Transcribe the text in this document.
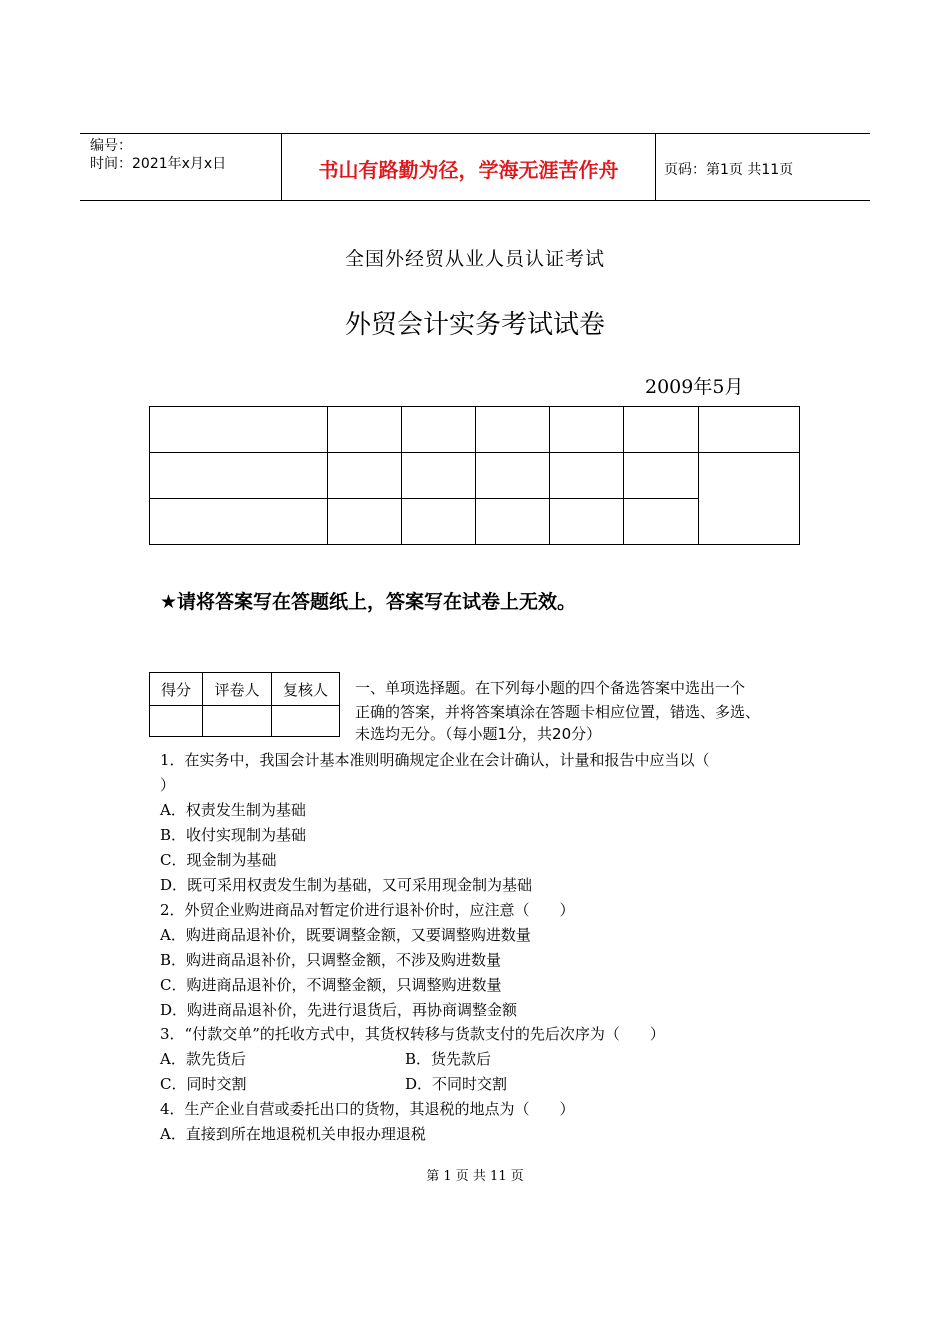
编号：
时间：2021年x月x日	书山有路勤为径，学海无涯苦作舟	页码：第1页 共11页
全国外经贸从业人员认证考试
外贸会计实务考试试卷
2009年5月

★请将答案写在答题纸上，答案写在试卷上无效。
得分	评卷人	复核人
		一、单项选择题。在下列每小题的四个备选答案中选出一个
正确的答案，并将答案填涂在答题卡相应位置，错选、多选、
未选均无分。（每小题1分，共20分）
1．在实务中，我国会计基本准则明确规定企业在会计确认，计量和报告中应当以（
）
A．权责发生制为基础
B．收付实现制为基础
C．现金制为基础
D．既可采用权责发生制为基础，又可采用现金制为基础
2．外贸企业购进商品对暂定价进行退补价时，应注意（　　）
A．购进商品退补价，既要调整金额，又要调整购进数量
B．购进商品退补价，只调整金额，不涉及购进数量
C．购进商品退补价，不调整金额，只调整购进数量
D．购进商品退补价，先进行退货后，再协商调整金额
3．“付款交单”的托收方式中，其货权转移与货款支付的先后次序为（　　）
A．款先货后	B．货先款后
C．同时交割	D．不同时交割
4．生产企业自营或委托出口的货物，其退税的地点为（　　）
A．直接到所在地退税机关申报办理退税
第 1 页 共 11 页
